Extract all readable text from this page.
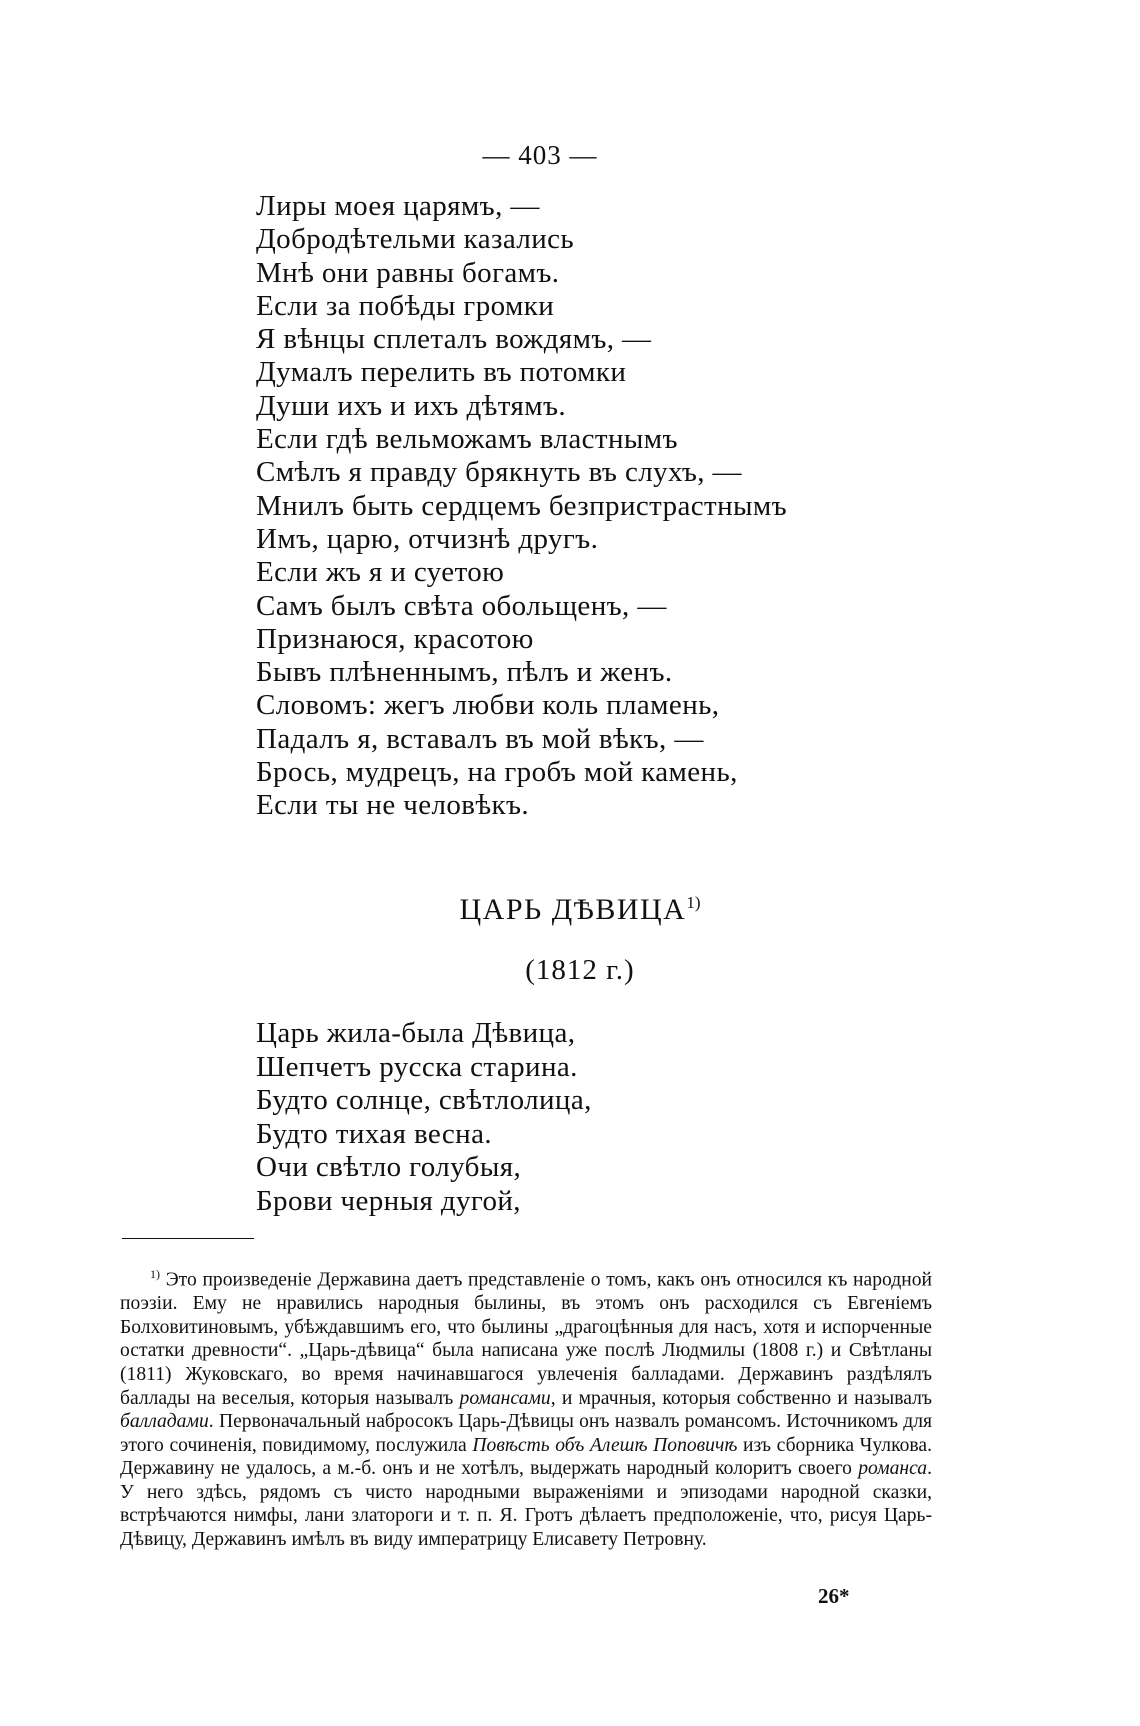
— 403 —
Лиры моея царямъ, —
Добродѣтельми казались
Мнѣ они равны богамъ.
Если за побѣды громки
Я вѣнцы сплеталъ вождямъ, —
Думалъ перелить въ потомки
Души ихъ и ихъ дѣтямъ.
Если гдѣ вельможамъ властнымъ
Смѣлъ я правду брякнуть въ слухъ, —
Мнилъ быть сердцемъ безпристрастнымъ
Имъ, царю, отчизнѣ другъ.
Если жъ я и суетою
Самъ былъ свѣта обольщенъ, —
Признаюся, красотою
Бывъ плѣненнымъ, пѣлъ и женъ.
Словомъ: жегъ любви коль пламень,
Падалъ я, вставалъ въ мой вѣкъ, —
Брось, мудрецъ, на гробъ мой камень,
Если ты не человѣкъ.
ЦАРЬ ДѢВИЦА$^{1)}$
(1812 г.)
Царь жила-была Дѣвица,
Шепчетъ русска старина.
Будто солнце, свѣтлолица,
Будто тихая весна.
Очи свѣтло голубыя,
Брови черныя дугой,

$^{1)}$ Это произведеніе Державина даетъ представленіе о томъ, какъ онъ относился къ народной поэзіи. Ему не нравились народныя былины, въ этомъ онъ расходился съ Евгеніемъ Болховитиновымъ, убѣждавшимъ его, что былины „драгоцѣнныя для насъ, хотя и испорченные остатки древности“. „Царь-дѣвица“ была написана уже послѣ Людмилы (1808 г.) и Свѣтланы (1811) Жуковскаго, во время начинавшагося увлеченія балладами. Державинъ раздѣлялъ баллады на веселыя, которыя называлъ романсами, и мрачныя, которыя собственно и называлъ балладами. Первоначальный набросокъ Царь-Дѣвицы онъ назвалъ романсомъ. Источникомъ для этого сочиненія, повидимому, послужила Повѣсть объ Алешѣ Поповичѣ изъ сборника Чулкова. Державину не удалось, а м.-б. онъ и не хотѣлъ, выдержать народный колоритъ своего романса. У него здѣсь, рядомъ съ чисто народными выраженіями и эпизодами народной сказки, встрѣчаются нимфы, лани златороги и т. п. Я. Гротъ дѣлаетъ предположеніе, что, рисуя Царь-Дѣвицу, Державинъ имѣлъ въ виду императрицу Елисавету Петровну.

26*
